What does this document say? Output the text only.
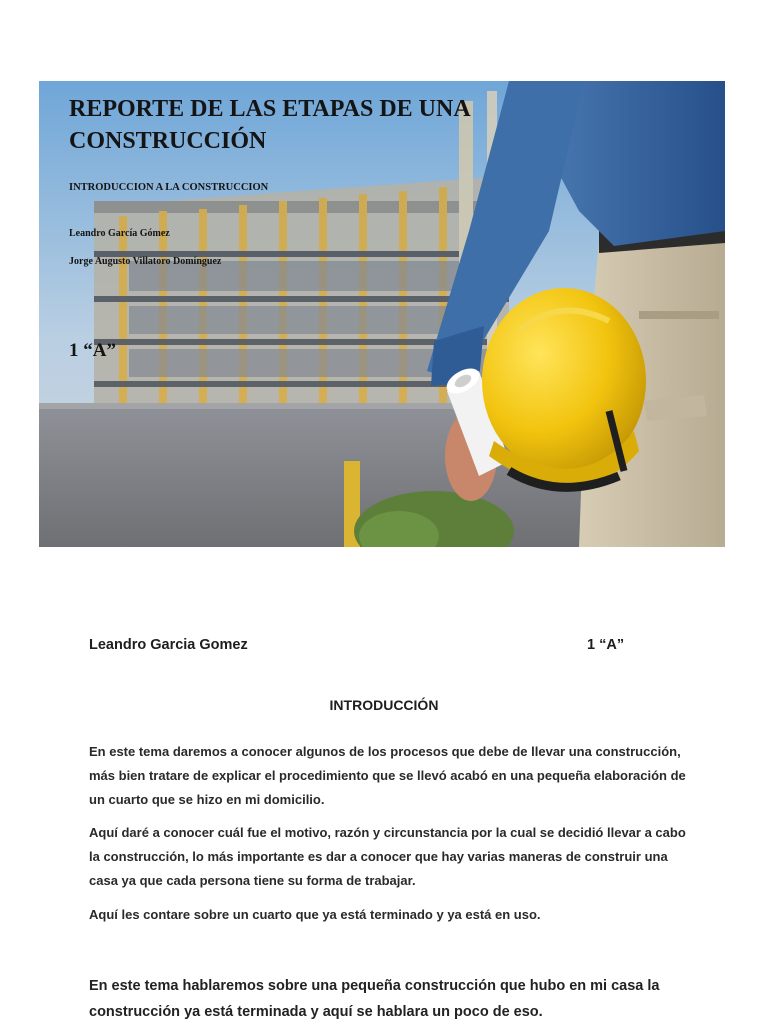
REPORTE DE LAS ETAPAS DE UNA CONSTRUCCIÓN

INTRODUCCION A LA CONSTRUCCION

Leandro García Gómez

Jorge Augusto Villatoro Domínguez

1 “A”

Leandro Garcia Gomez	1 “A”
INTRODUCCIÓN

En este tema daremos a conocer algunos de los procesos que debe de llevar una construcción, más bien tratare de explicar el procedimiento que se llevó acabó en una pequeña elaboración de un cuarto que se hizo en mi domicilio.

Aquí daré a conocer cuál fue el motivo, razón y circunstancia por la cual se decidió llevar a cabo la construcción, lo más importante es dar a conocer que hay varias maneras de construir una casa ya que cada persona tiene su forma de trabajar.

Aquí les contare sobre un cuarto que ya está terminado y ya está en uso.

En este tema hablaremos sobre una pequeña construcción que hubo en mi casa la construcción ya está terminada y aquí se hablara un poco de eso.
